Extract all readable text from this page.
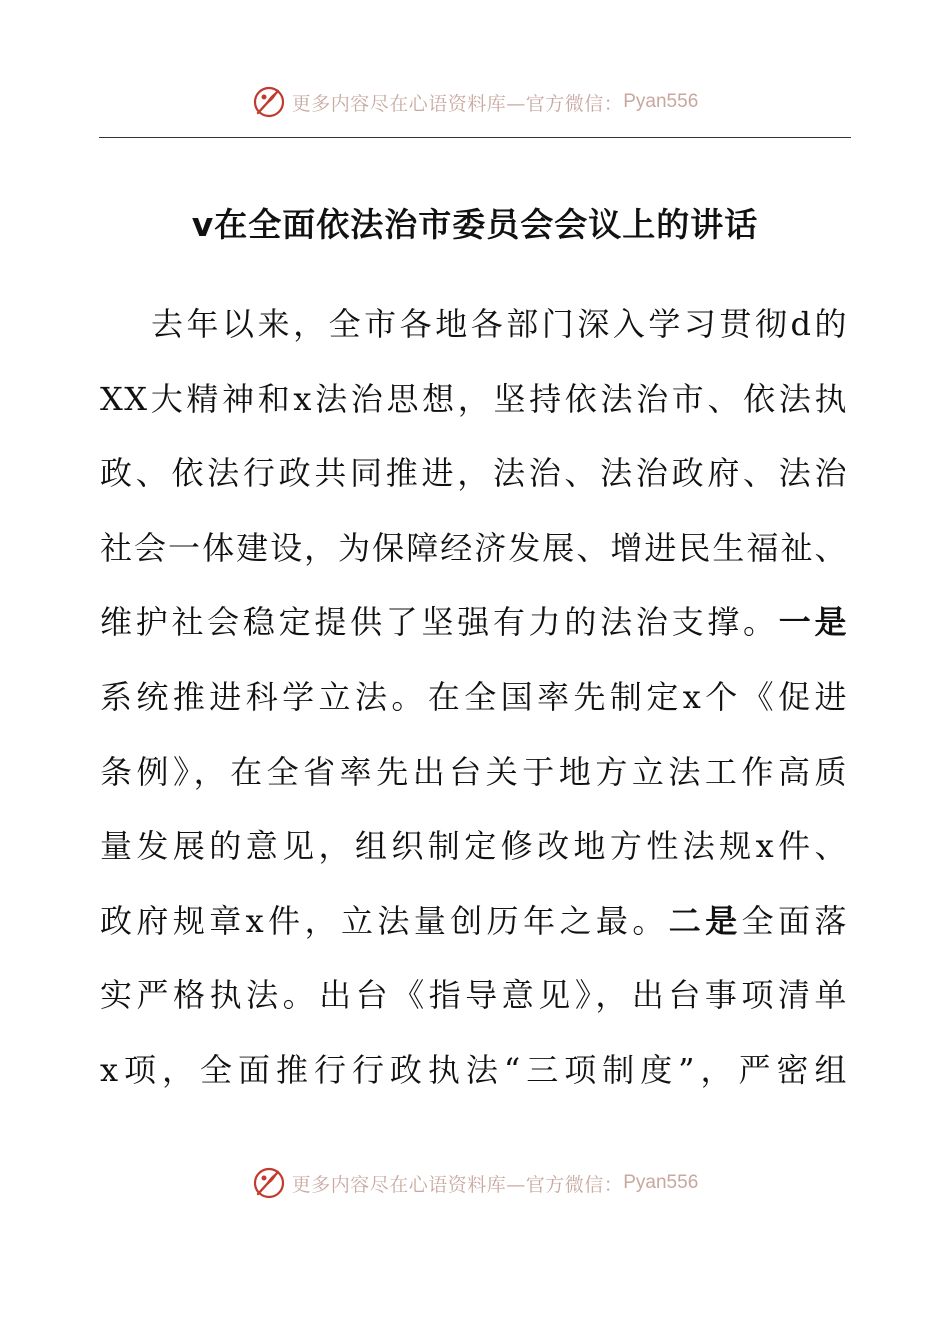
更多内容尽在心语资料库—官方微信： Pyan556
v在全面依法治市委员会会议上的讲话
去年以来，全市各地各部门深入学习贯彻d的
XX大精神和x法治思想，坚持依法治市、依法执
政、依法行政共同推进，法治、法治政府、法治
社会一体建设，为保障经济发展、增进民生福祉、
维护社会稳定提供了坚强有力的法治支撑。一是
系统推进科学立法。在全国率先制定x个《促进
条例》，在全省率先出台关于地方立法工作高质
量发展的意见，组织制定修改地方性法规x件、
政府规章x件，立法量创历年之最。二是全面落
实严格执法。出台《指导意见》，出台事项清单
x项，全面推行行政执法“三项制度”，严密组
更多内容尽在心语资料库—官方微信： Pyan556
